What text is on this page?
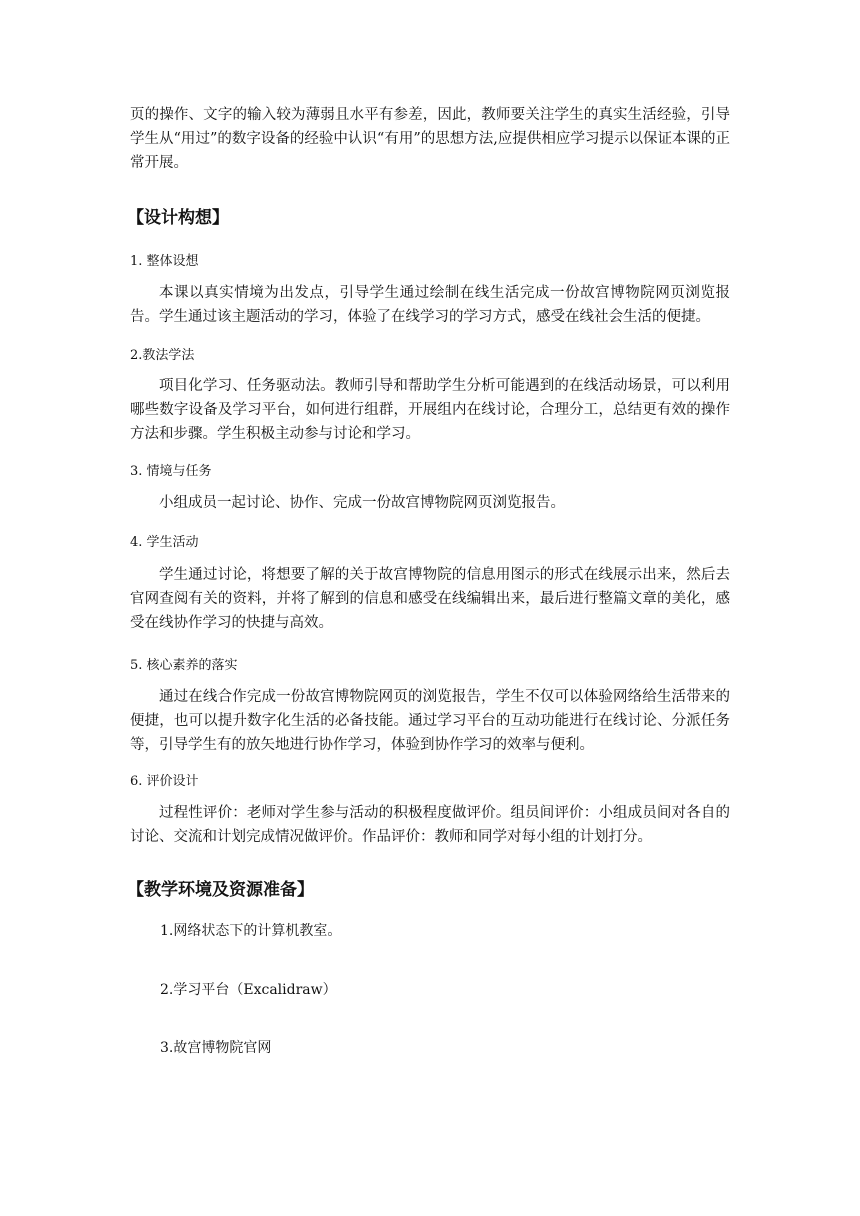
页的操作、文字的输入较为薄弱且水平有参差，因此，教师要关注学生的真实生活经验，引导学生从“用过”的数字设备的经验中认识“有用”的思想方法,应提供相应学习提示以保证本课的正常开展。

【设计构想】

1. 整体设想

本课以真实情境为出发点，引导学生通过绘制在线生活完成一份故宫博物院网页浏览报告。学生通过该主题活动的学习，体验了在线学习的学习方式，感受在线社会生活的便捷。

2.教法学法

项目化学习、任务驱动法。教师引导和帮助学生分析可能遇到的在线活动场景，可以利用哪些数字设备及学习平台，如何进行组群，开展组内在线讨论，合理分工，总结更有效的操作方法和步骤。学生积极主动参与讨论和学习。

3. 情境与任务

小组成员一起讨论、协作、完成一份故宫博物院网页浏览报告。

4. 学生活动

学生通过讨论，将想要了解的关于故宫博物院的信息用图示的形式在线展示出来，然后去官网查阅有关的资料，并将了解到的信息和感受在线编辑出来，最后进行整篇文章的美化，感受在线协作学习的快捷与高效。

5. 核心素养的落实

通过在线合作完成一份故宫博物院网页的浏览报告，学生不仅可以体验网络给生活带来的便捷，也可以提升数字化生活的必备技能。通过学习平台的互动功能进行在线讨论、分派任务等，引导学生有的放矢地进行协作学习，体验到协作学习的效率与便利。

6. 评价设计

过程性评价：老师对学生参与活动的积极程度做评价。组员间评价：小组成员间对各自的讨论、交流和计划完成情况做评价。作品评价：教师和同学对每小组的计划打分。

【教学环境及资源准备】

1.网络状态下的计算机教室。

2.学习平台（Excalidraw）

3.故宫博物院官网
